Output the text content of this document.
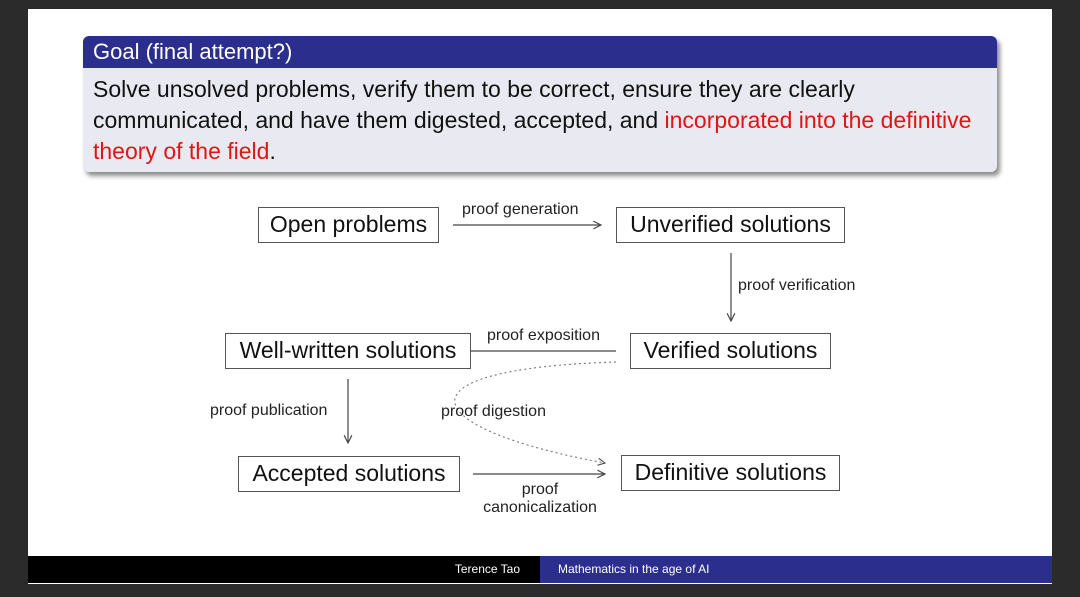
Goal (final attempt?)
Solve unsolved problems, verify them to be correct, ensure they are clearly communicated, and have them digested, accepted, and incorporated into the definitive theory of the field.
Open problems	Unverified solutions
Verified solutions
Well-written solutions
Accepted solutions	Definitive solutions
proof generation
proof verification
proof exposition
proof publication	proof digestion
proof
canonicalization
Terence Tao	Mathematics in the age of AI
